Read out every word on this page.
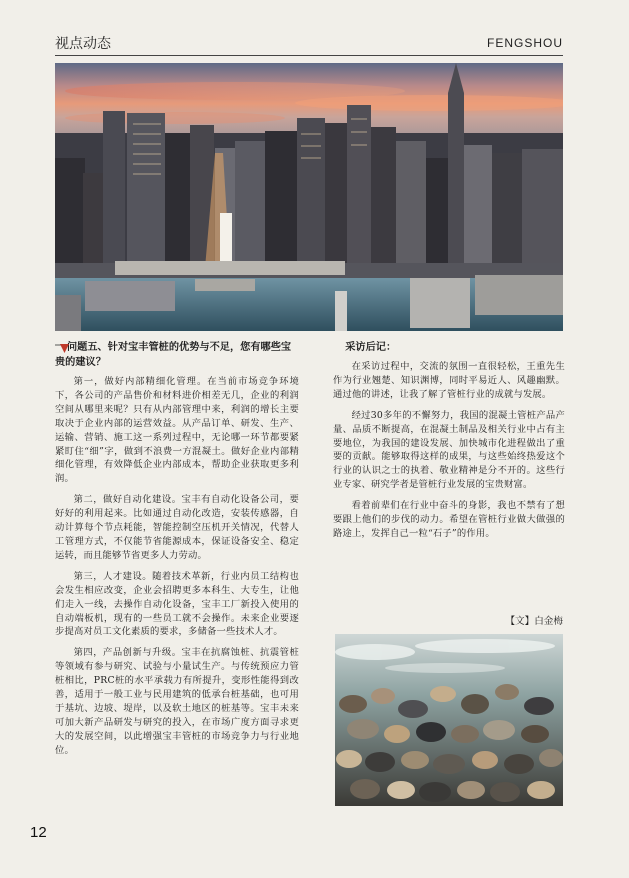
视点动态	FENGSHOU
问题五、针对宝丰管桩的优势与不足，您有哪些宝贵的建议？

第一，做好内部精细化管理。在当前市场竞争环境下，各公司的产品售价和材料进价相差无几，企业的利润空间从哪里来呢？只有从内部管理中来，利润的增长主要取决于企业内部的运营效益。从产品订单、研发、生产、运输、营销、施工这一系列过程中，无论哪一环节都要紧紧盯住“细”字，做到不浪费一方混凝土。做好企业内部精细化管理，有效降低企业内部成本，帮助企业获取更多利润。

第二，做好自动化建设。宝丰有自动化设备公司，要好好的利用起来。比如通过自动化改造，安装传感器，自动计算每个节点耗能，智能控制空压机开关情况，代替人工管理方式，不仅能节省能源成本，保证设备安全、稳定运转，而且能够节省更多人力劳动。

第三，人才建设。随着技术革新，行业内员工结构也会发生相应改变，企业会招聘更多本科生、大专生，让他们走入一线，去操作自动化设备，宝丰工厂新投入使用的自动端板机，现有的一些员工就不会操作。未来企业要逐步提高对员工文化素质的要求，多储备一些技术人才。

第四，产品创新与升级。宝丰在抗腐蚀桩、抗震管桩等领域有参与研究、试验与小量试生产。与传统预应力管桩相比，PRC桩的水平承载力有所提升，变形性能得到改善，适用于一般工业与民用建筑的低承台桩基础，也可用于基坑、边坡、堤岸，以及软土地区的桩基等。宝丰未来可加大新产品研发与研究的投入，在市场广度方面寻求更大的发展空间，以此增强宝丰管桩的市场竞争力与行业地位。

采访后记：

在采访过程中，交流的氛围一直很轻松，王重先生作为行业翘楚、知识渊博，同时平易近人、风趣幽默。通过他的讲述，让我了解了管桩行业的成就与发展。

经过30多年的不懈努力，我国的混凝土管桩产品产量、品质不断提高，在混凝土制品及相关行业中占有主要地位，为我国的建设发展、加快城市化进程做出了重要的贡献。能够取得这样的成果，与这些始终热爱这个行业的认识之士的执着、敬业精神是分不开的。这些行业专家、研究学者是管桩行业发展的宝贵财富。

看着前辈们在行业中奋斗的身影，我也不禁有了想要跟上他们的步伐的动力。希望在管桩行业做大做强的路途上，发挥自己一粒“石子”的作用。

【文】白金梅
12
